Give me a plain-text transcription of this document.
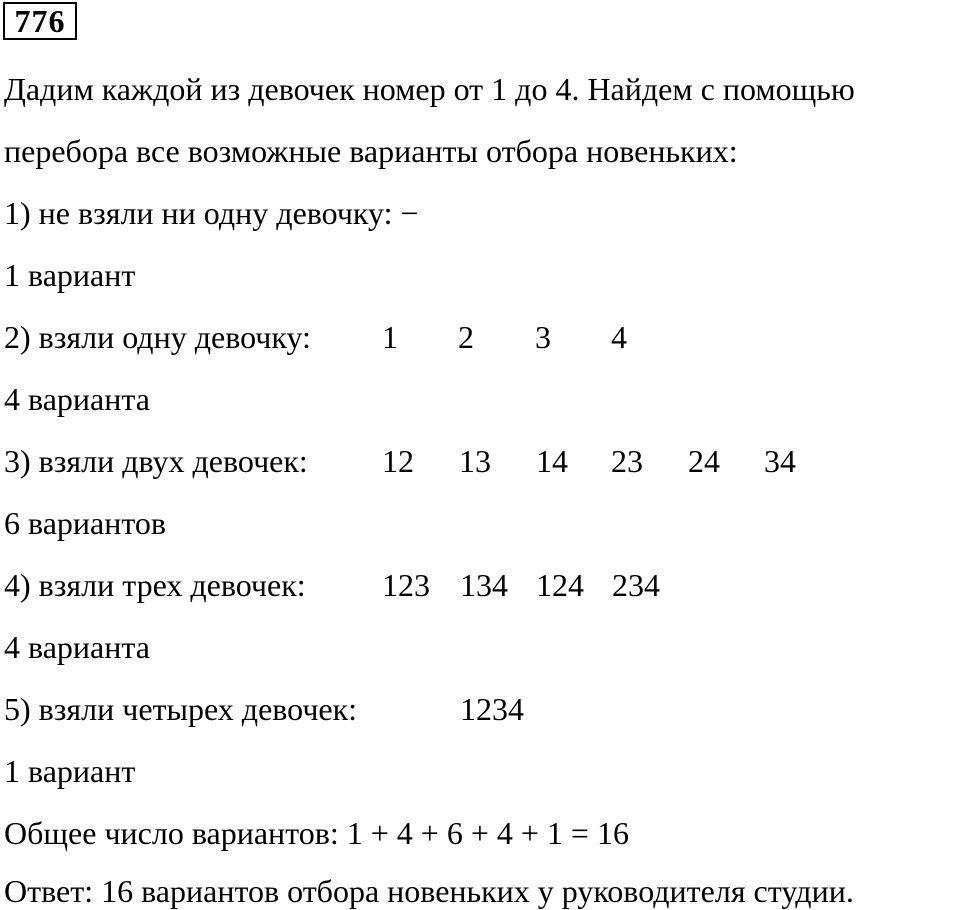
776
Дадим каждой из девочек номер от 1 до 4. Найдем с помощью
перебора все возможные варианты отбора новеньких:
1) не взяли ни одну девочку: −
1 вариант
2) взяли одну девочку: 1 2 3 4
4 варианта
3) взяли двух девочек: 12 13 14 23 24 34
6 вариантов
4) взяли трех девочек: 123 134 124 234
4 варианта
5) взяли четырех девочек:	1234
1 вариант
Общее число вариантов: 1 + 4 + 6 + 4 + 1 = 16
Ответ: 16 вариантов отбора новеньких у руководителя студии.
